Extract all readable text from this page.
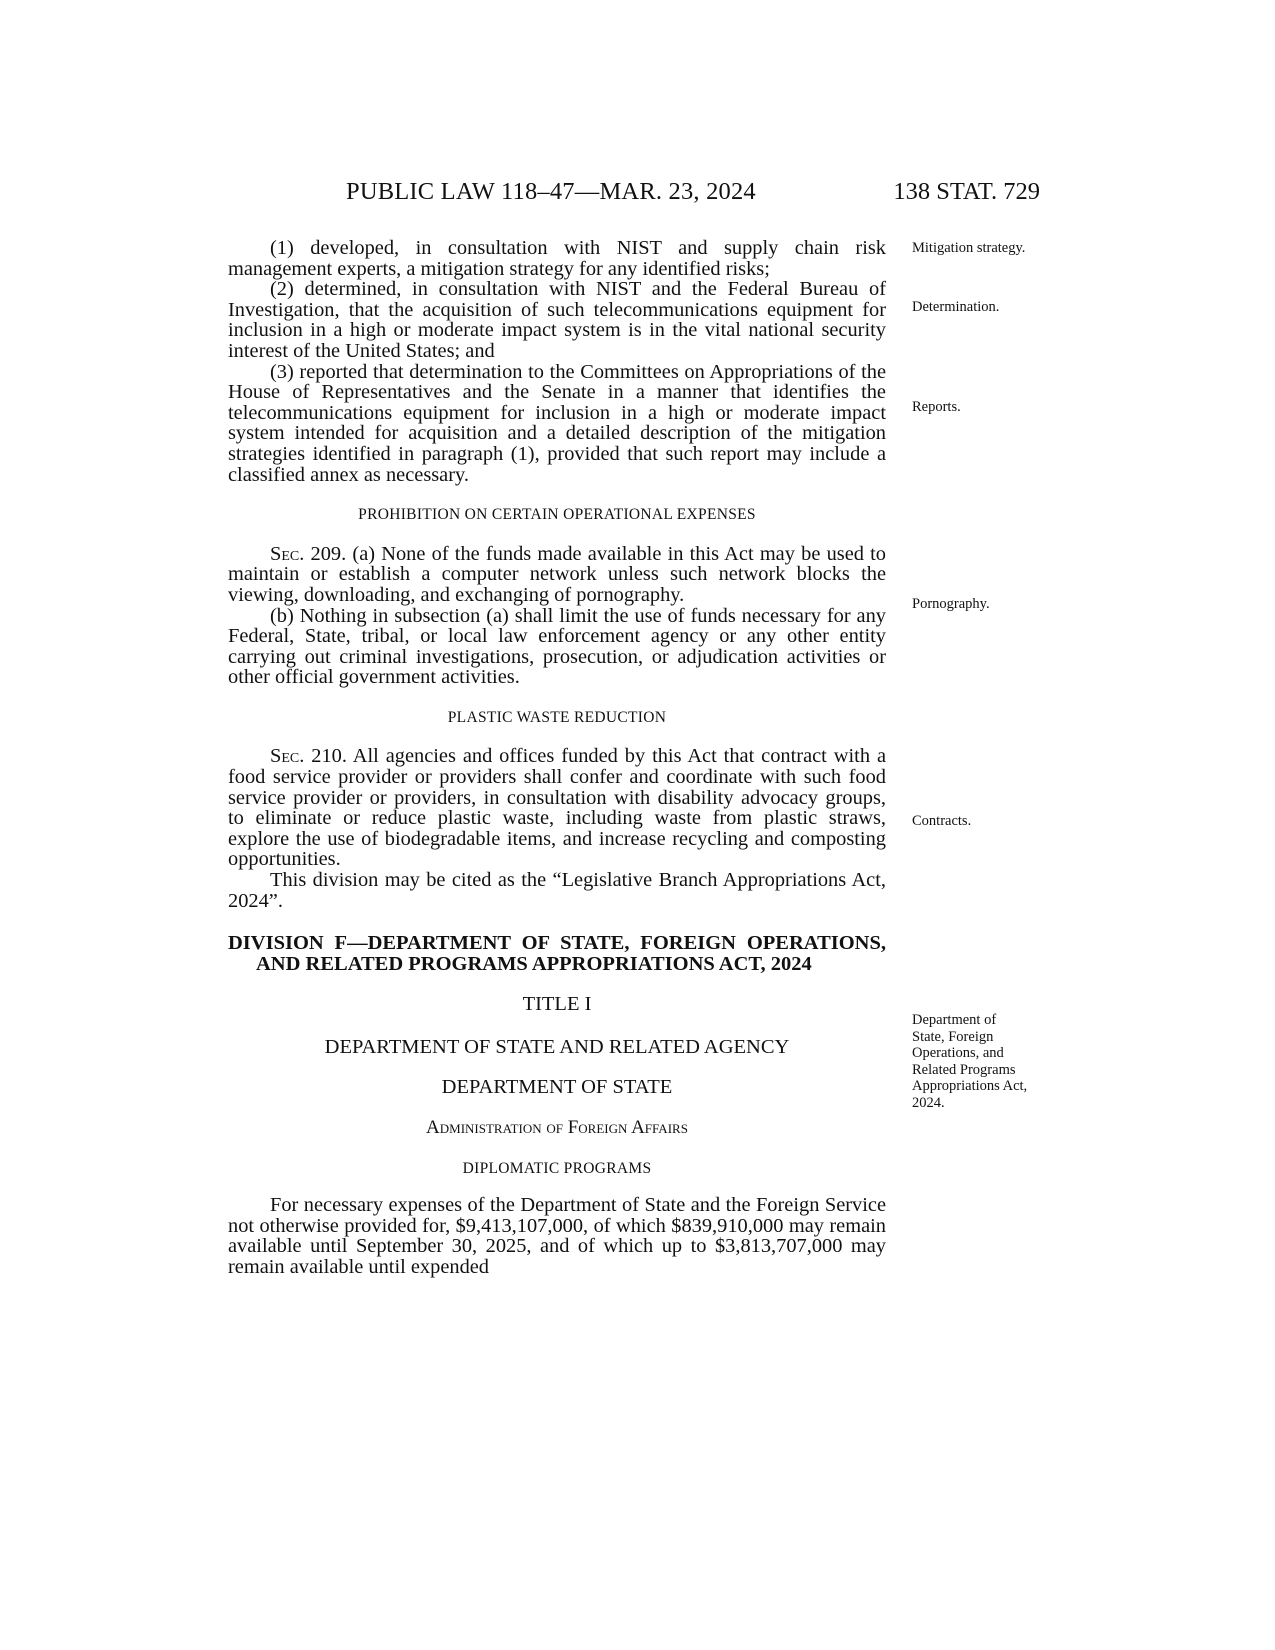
PUBLIC LAW 118–47—MAR. 23, 2024	138 STAT. 729

(1) developed, in consultation with NIST and supply chain risk management experts, a mitigation strategy for any identified risks;

(2) determined, in consultation with NIST and the Federal Bureau of Investigation, that the acquisition of such telecommunications equipment for inclusion in a high or moderate impact system is in the vital national security interest of the United States; and

(3) reported that determination to the Committees on Appropriations of the House of Representatives and the Senate in a manner that identifies the telecommunications equipment for inclusion in a high or moderate impact system intended for acquisition and a detailed description of the mitigation strategies identified in paragraph (1), provided that such report may include a classified annex as necessary.

PROHIBITION ON CERTAIN OPERATIONAL EXPENSES

Sec. 209. (a) None of the funds made available in this Act may be used to maintain or establish a computer network unless such network blocks the viewing, downloading, and exchanging of pornography.

(b) Nothing in subsection (a) shall limit the use of funds necessary for any Federal, State, tribal, or local law enforcement agency or any other entity carrying out criminal investigations, prosecution, or adjudication activities or other official government activities.

PLASTIC WASTE REDUCTION

Sec. 210. All agencies and offices funded by this Act that contract with a food service provider or providers shall confer and coordinate with such food service provider or providers, in consultation with disability advocacy groups, to eliminate or reduce plastic waste, including waste from plastic straws, explore the use of biodegradable items, and increase recycling and composting opportunities.

This division may be cited as the “Legislative Branch Appropriations Act, 2024”.

DIVISION F—DEPARTMENT OF STATE, FOREIGN OPERATIONS, AND RELATED PROGRAMS APPROPRIATIONS ACT, 2024
TITLE I
DEPARTMENT OF STATE AND RELATED AGENCY
DEPARTMENT OF STATE
Administration of Foreign Affairs
DIPLOMATIC PROGRAMS

For necessary expenses of the Department of State and the Foreign Service not otherwise provided for, $9,413,107,000, of which $839,910,000 may remain available until September 30, 2025, and of which up to $3,813,707,000 may remain available until expended

Mitigation strategy.
Determination.
Reports.
Pornography.
Contracts.
Department of State, Foreign Operations, and Related Programs Appropriations Act, 2024.
